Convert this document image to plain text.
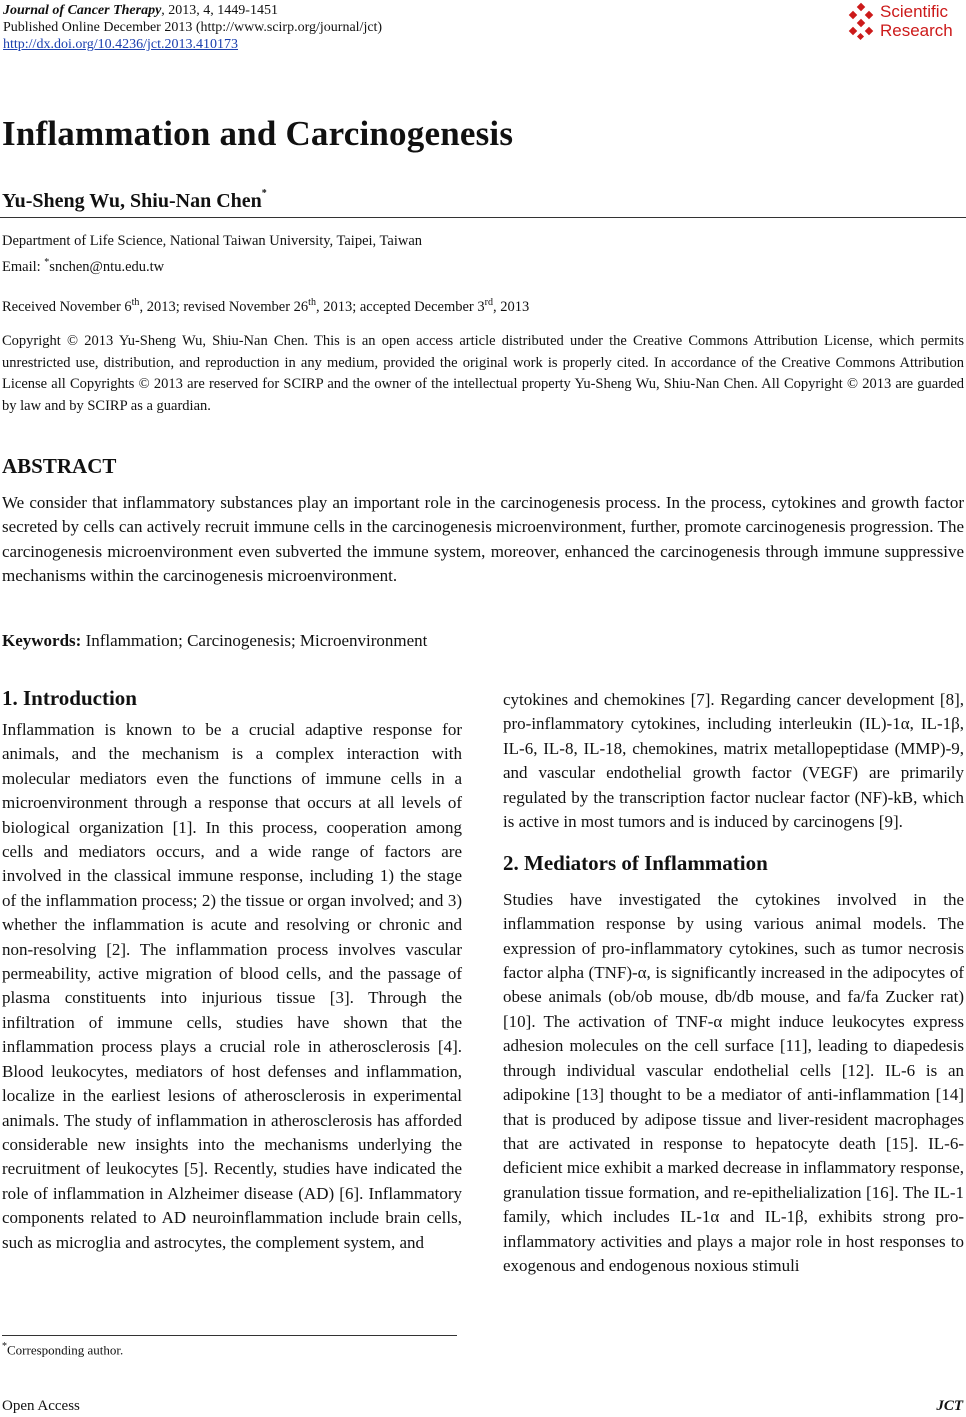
Journal of Cancer Therapy, 2013, 4, 1449-1451
Published Online December 2013 (http://www.scirp.org/journal/jct)
http://dx.doi.org/10.4236/jct.2013.410173
Scientific
Research
Inflammation and Carcinogenesis
Yu-Sheng Wu, Shiu-Nan Chen*
Department of Life Science, National Taiwan University, Taipei, Taiwan
Email: *snchen@ntu.edu.tw
Received November 6th, 2013; revised November 26th, 2013; accepted December 3rd, 2013
Copyright © 2013 Yu-Sheng Wu, Shiu-Nan Chen. This is an open access article distributed under the Creative Commons Attribution License, which permits unrestricted use, distribution, and reproduction in any medium, provided the original work is properly cited. In accordance of the Creative Commons Attribution License all Copyrights © 2013 are reserved for SCIRP and the owner of the intellectual property Yu-Sheng Wu, Shiu-Nan Chen. All Copyright © 2013 are guarded by law and by SCIRP as a guardian.
ABSTRACT
We consider that inflammatory substances play an important role in the carcinogenesis process. In the process, cytokines and growth factor secreted by cells can actively recruit immune cells in the carcinogenesis microenvironment, further, promote carcinogenesis progression. The carcinogenesis microenvironment even subverted the immune system, moreover, enhanced the carcinogenesis through immune suppressive mechanisms within the carcinogenesis microenvironment.
Keywords: Inflammation; Carcinogenesis; Microenvironment
1. Introduction

Inflammation is known to be a crucial adaptive response for animals, and the mechanism is a complex interaction with molecular mediators even the functions of immune cells in a microenvironment through a response that occurs at all levels of biological organization [1]. In this process, cooperation among cells and mediators occurs, and a wide range of factors are involved in the classical immune response, including 1) the stage of the inflammation process; 2) the tissue or organ involved; and 3) whether the inflammation is acute and resolving or chronic and non-resolving [2]. The inflammation process involves vascular permeability, active migration of blood cells, and the passage of plasma constituents into injurious tissue [3]. Through the infiltration of immune cells, studies have shown that the inflammation process plays a crucial role in atherosclerosis [4]. Blood leukocytes, mediators of host defenses and inflammation, localize in the earliest lesions of atherosclerosis in experimental animals. The study of inflammation in atherosclerosis has afforded considerable new insights into the mechanisms underlying the recruitment of leukocytes [5]. Recently, studies have indicated the role of inflammation in Alzheimer disease (AD) [6]. Inflammatory components related to AD neuroinflammation include brain cells, such as microglia and astrocytes, the complement system, and

cytokines and chemokines [7]. Regarding cancer development [8], pro-inflammatory cytokines, including interleukin (IL)-1α, IL-1β, IL-6, IL-8, IL-18, chemokines, matrix metallopeptidase (MMP)-9, and vascular endothelial growth factor (VEGF) are primarily regulated by the transcription factor nuclear factor (NF)-kB, which is active in most tumors and is induced by carcinogens [9].

2. Mediators of Inflammation

Studies have investigated the cytokines involved in the inflammation response by using various animal models. The expression of pro-inflammatory cytokines, such as tumor necrosis factor alpha (TNF)-α, is significantly increased in the adipocytes of obese animals (ob/ob mouse, db/db mouse, and fa/fa Zucker rat) [10]. The activation of TNF-α might induce leukocytes express adhesion molecules on the cell surface [11], leading to diapedesis through individual vascular endothelial cells [12]. IL-6 is an adipokine [13] thought to be a mediator of anti-inflammation [14] that is produced by adipose tissue and liver-resident macrophages that are activated in response to hepatocyte death [15]. IL-6-deficient mice exhibit a marked decrease in inflammatory response, granulation tissue formation, and re-epithelialization [16]. The IL-1 family, which includes IL-1α and IL-1β, exhibits strong pro-inflammatory activities and plays a major role in host responses to exogenous and endogenous noxious stimuli

*Corresponding author.
Open Access	JCT
